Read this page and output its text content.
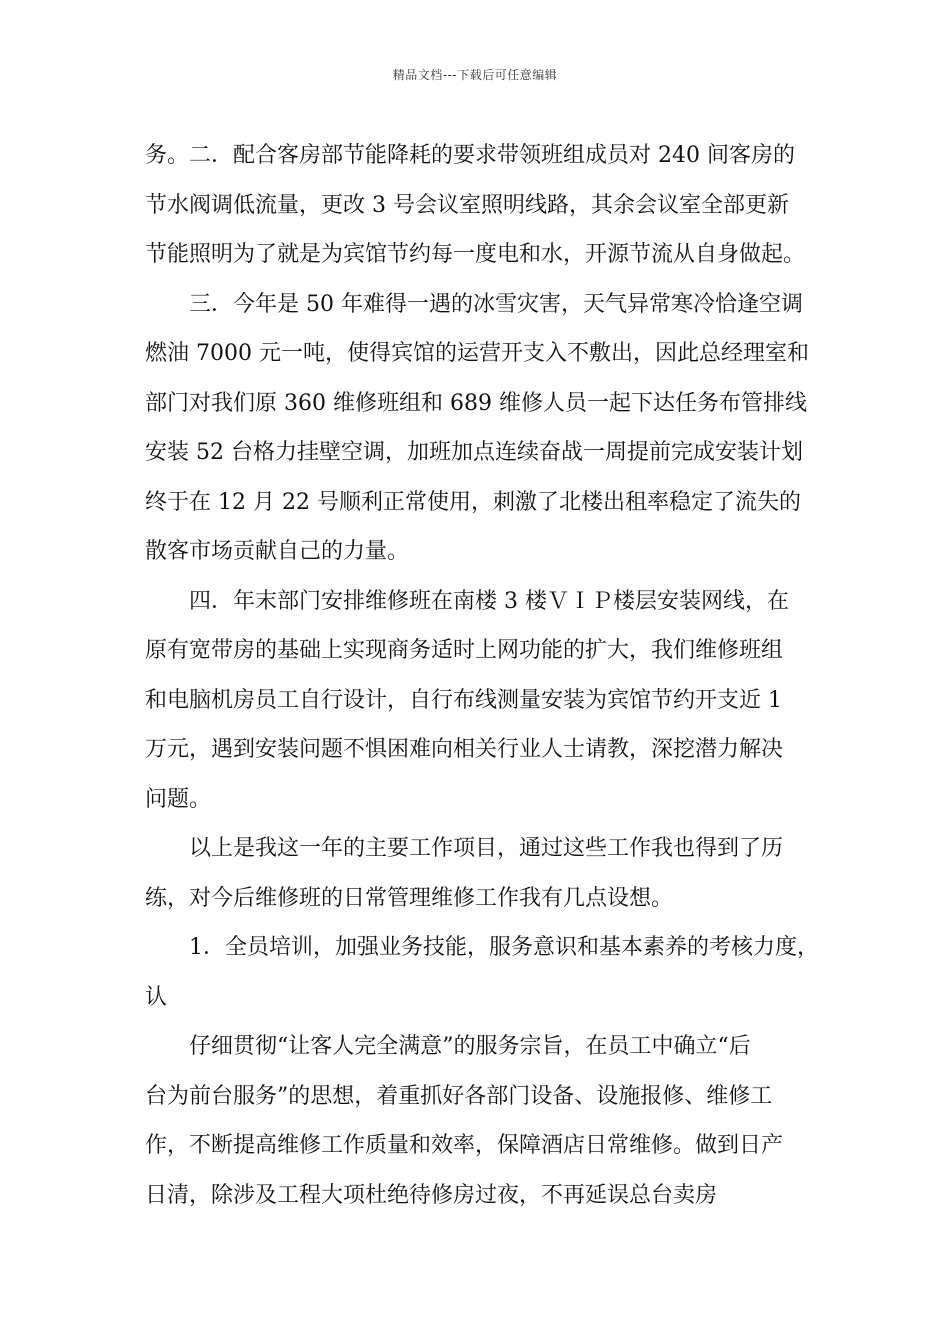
精品文档---下载后可任意编辑
务。二．配合客房部节能降耗的要求带领班组成员对 240 间客房的
节水阀调低流量，更改 3 号会议室照明线路，其余会议室全部更新
节能照明为了就是为宾馆节约每一度电和水，开源节流从自身做起。
　　三．今年是 50 年难得一遇的冰雪灾害，天气异常寒冷恰逢空调
燃油 7000 元一吨，使得宾馆的运营开支入不敷出，因此总经理室和
部门对我们原 360 维修班组和 689 维修人员一起下达任务布管排线
安装 52 台格力挂壁空调，加班加点连续奋战一周提前完成安装计划
终于在 12 月 22 号顺利正常使用，刺激了北楼出租率稳定了流失的
散客市场贡献自己的力量。
　　四．年末部门安排维修班在南楼 3 楼ＶＩＰ楼层安装网线，在
原有宽带房的基础上实现商务适时上网功能的扩大，我们维修班组
和电脑机房员工自行设计，自行布线测量安装为宾馆节约开支近 1
万元，遇到安装问题不惧困难向相关行业人士请教，深挖潜力解决
问题。
　　以上是我这一年的主要工作项目，通过这些工作我也得到了历
练，对今后维修班的日常管理维修工作我有几点设想。
　　1．全员培训，加强业务技能，服务意识和基本素养的考核力度，
认
　　仔细贯彻“让客人完全满意”的服务宗旨，在员工中确立“后
台为前台服务”的思想，着重抓好各部门设备、设施报修、维修工
作，不断提高维修工作质量和效率，保障酒店日常维修。做到日产
日清，除涉及工程大项杜绝待修房过夜，不再延误总台卖房
